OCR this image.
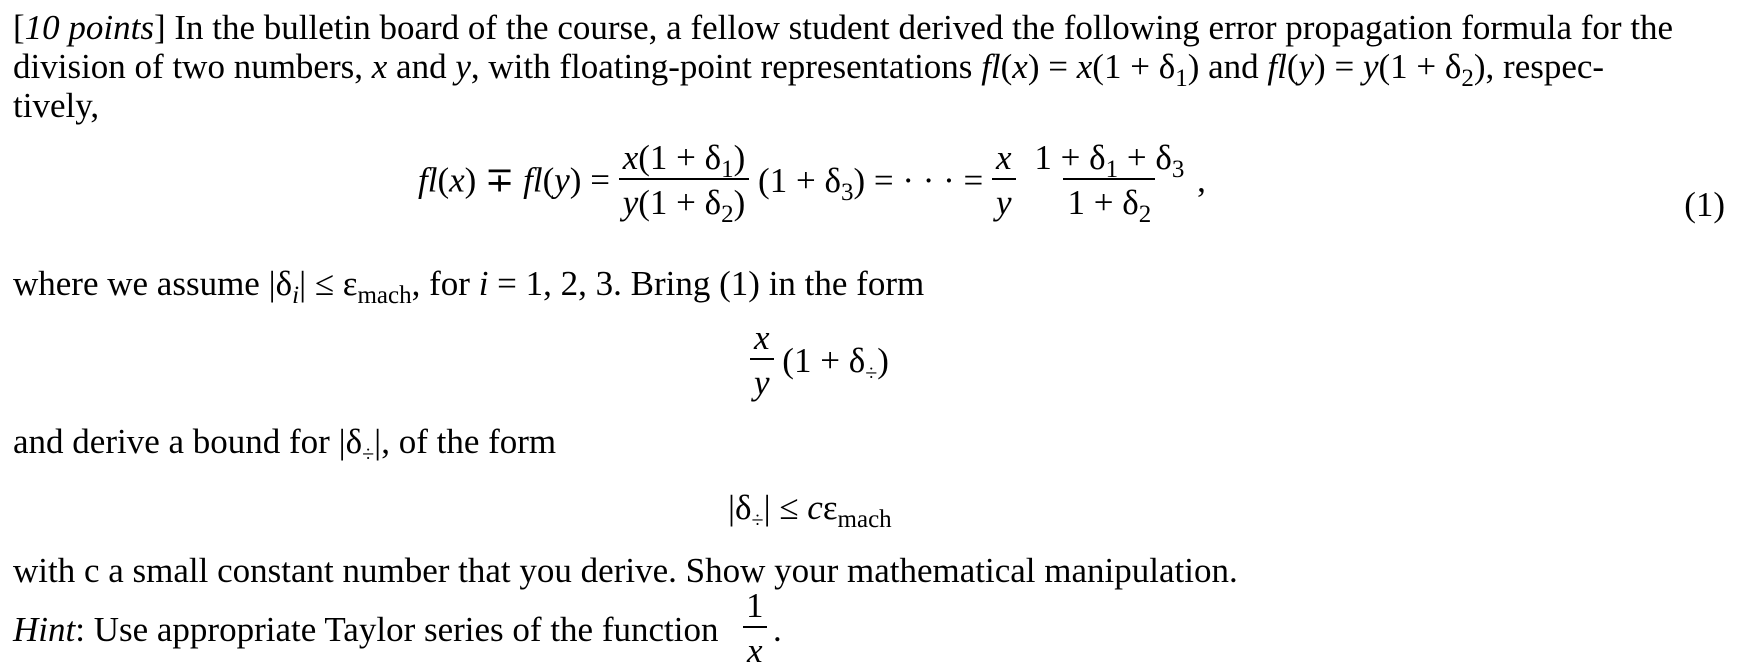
[10 points] In the bulletin board of the course, a fellow student derived the following error propagation formula for the
division of two numbers, x and y, with floating-point representations $fl(x) = x(1 + \delta_1)$ and $fl(y) = y(1 + \delta_2)$, respec-
tively,
$fl(x) \mp fl(y) = \frac{x(1 + \delta_1)}{y(1 + \delta_2)} (1 + \delta_3)$ = · · · = $\frac{x}{y}$
$\frac{1 + \delta_1 + \delta_3}{1 + \delta_2}$ ,
(1)
where we assume $|\delta_i| \le \varepsilon_{mach}$, for i = 1, 2, 3. Bring (1) in the form
$\frac{x}{y} (1 + \delta_\div)$
and derive a bound for $|\delta_\div|$, of the form
$|\delta_\div| \le c\varepsilon_{mach}$
with c a small constant number that you derive. Show your mathematical manipulation.
Hint: Use appropriate Taylor series of the function $\frac{1}{x}$ .
